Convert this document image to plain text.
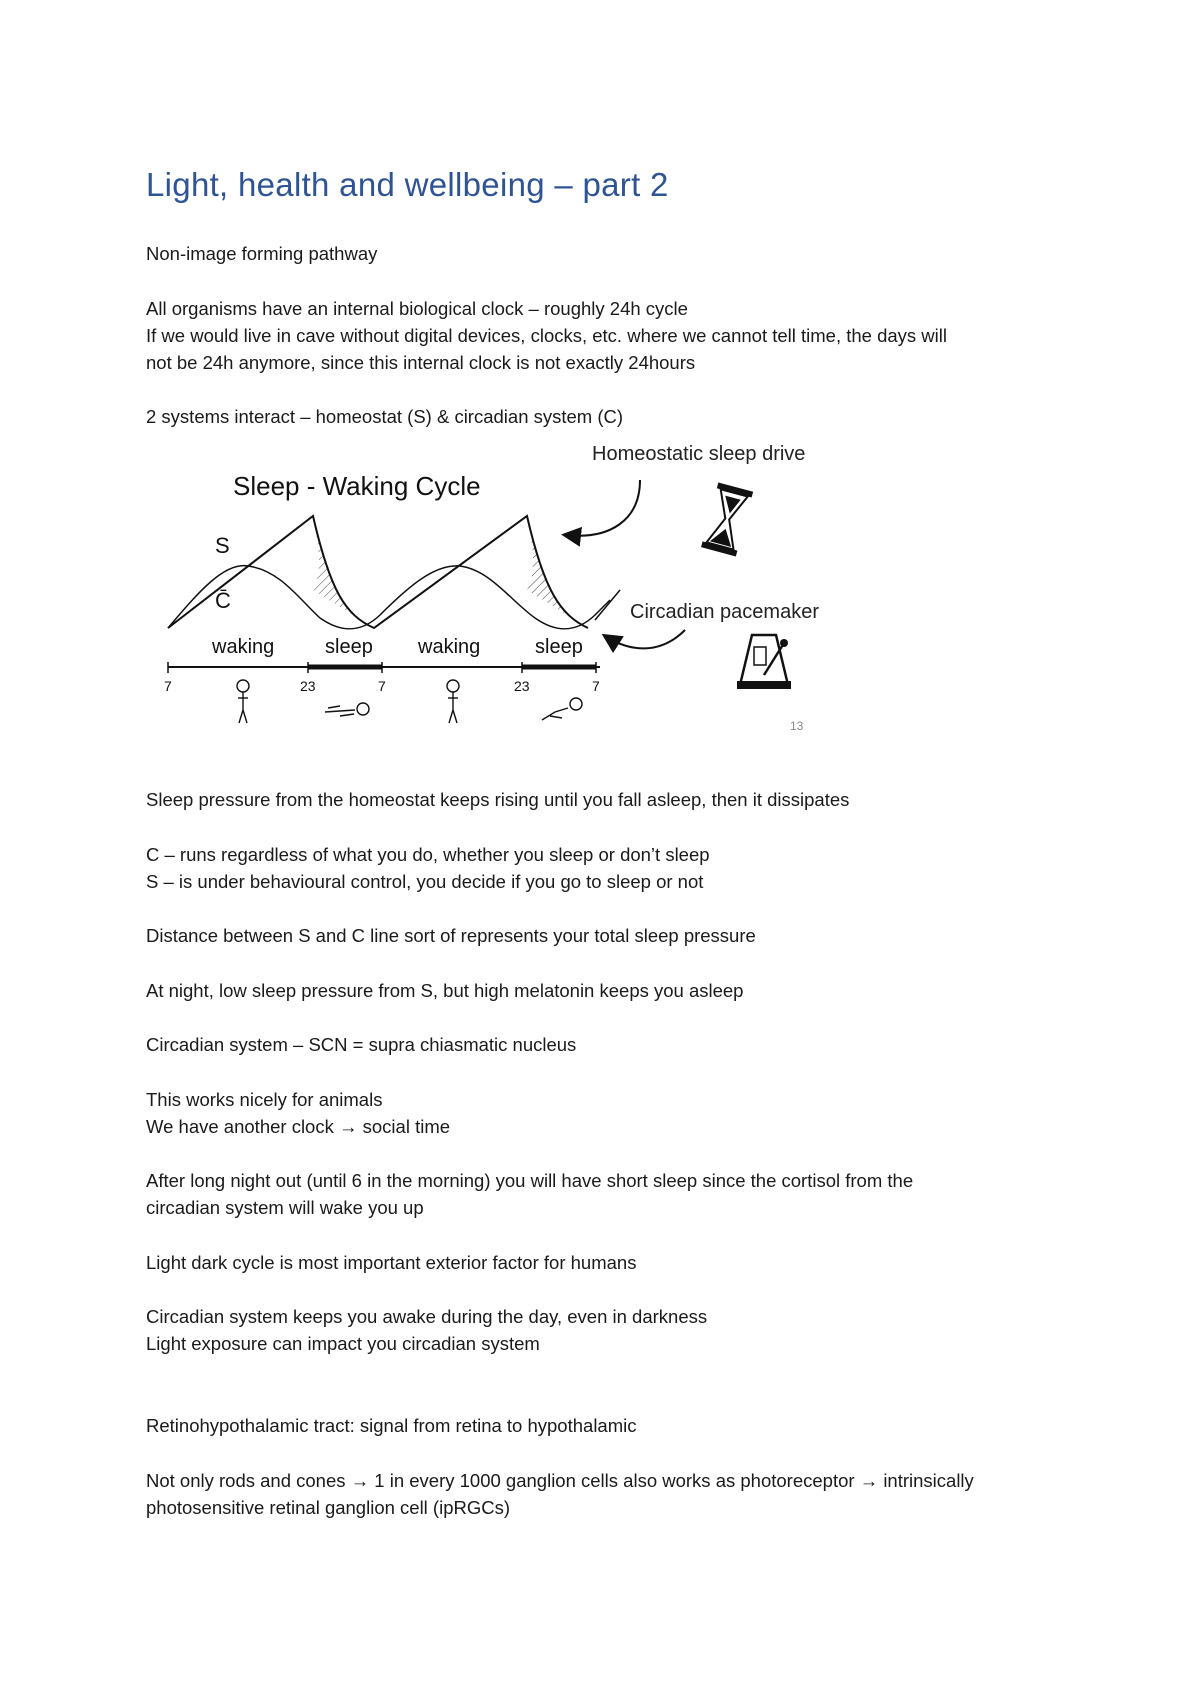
Light, health and wellbeing – part 2

Non-image forming pathway

All organisms have an internal biological clock – roughly 24h cycle
If we would live in cave without digital devices, clocks, etc. where we cannot tell time, the days will
not be 24h anymore, since this internal clock is not exactly 24hours

2 systems interact – homeostat (S) & circadian system (C)

Sleep - Waking Cycle
S
C̄
waking	sleep waking	sleep
7	23	7	23	7
Homeostatic sleep drive
Circadian pacemaker
13

Sleep pressure from the homeostat keeps rising until you fall asleep, then it dissipates

C – runs regardless of what you do, whether you sleep or don’t sleep
S – is under behavioural control, you decide if you go to sleep or not

Distance between S and C line sort of represents your total sleep pressure

At night, low sleep pressure from S, but high melatonin keeps you asleep

Circadian system – SCN = supra chiasmatic nucleus

This works nicely for animals
We have another clock → social time

After long night out (until 6 in the morning) you will have short sleep since the cortisol from the
circadian system will wake you up

Light dark cycle is most important exterior factor for humans

Circadian system keeps you awake during the day, even in darkness
Light exposure can impact you circadian system

Retinohypothalamic tract: signal from retina to hypothalamic

Not only rods and cones → 1 in every 1000 ganglion cells also works as photoreceptor → intrinsically
photosensitive retinal ganglion cell (ipRGCs)
